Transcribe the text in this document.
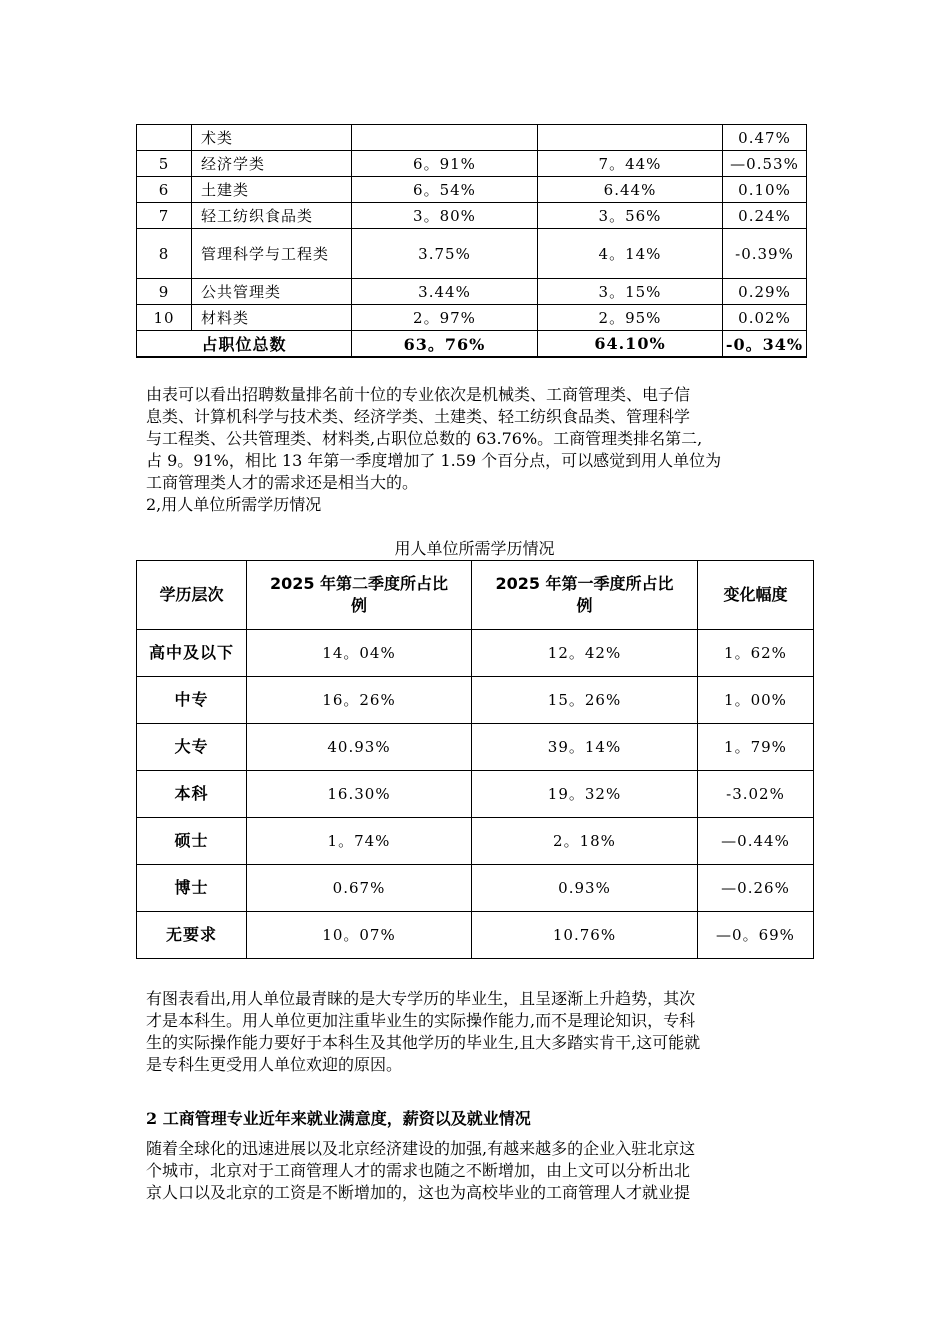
	术类			0.47%
5	经济学类	6。91%	7。44%	—0.53%
6	土建类	6。54%	6.44%	0.10%
7	轻工纺织食品类	3。80%	3。56%	0.24%
8	管理科学与工程类	3.75%	4。14%	-0.39%
9	公共管理类	3.44%	3。15%	0.29%
10	材料类	2。97%	2。95%	0.02%
占职位总数		63。76%	64.10%	-0。34%
由表可以看出招聘数量排名前十位的专业依次是机械类、工商管理类、电子信
息类、计算机科学与技术类、经济学类、土建类、轻工纺织食品类、管理科学
与工程类、公共管理类、材料类,占职位总数的 63.76%。工商管理类排名第二,
占 9。91%，相比 13 年第一季度增加了 1.59 个百分点，可以感觉到用人单位为
工商管理类人才的需求还是相当大的。
2,用人单位所需学历情况
用人单位所需学历情况
学历层次	2025 年第二季度所占比例	2025 年第一季度所占比例	变化幅度
高中及以下	14。04%	12。42%	1。62%
中专	16。26%	15。26%	1。00%
大专	40.93%	39。14%	1。79%
本科	16.30%	19。32%	-3.02%
硕士	1。74%	2。18%	—0.44%
博士	0.67%	0.93%	—0.26%
无要求	10。07%	10.76%	—0。69%
有图表看出,用人单位最青睐的是大专学历的毕业生，且呈逐渐上升趋势，其次
才是本科生。用人单位更加注重毕业生的实际操作能力,而不是理论知识，专科
生的实际操作能力要好于本科生及其他学历的毕业生,且大多踏实肯干,这可能就
是专科生更受用人单位欢迎的原因。
2 工商管理专业近年来就业满意度，薪资以及就业情况
随着全球化的迅速进展以及北京经济建设的加强,有越来越多的企业入驻北京这
个城市，北京对于工商管理人才的需求也随之不断增加，由上文可以分析出北
京人口以及北京的工资是不断增加的，这也为高校毕业的工商管理人才就业提
